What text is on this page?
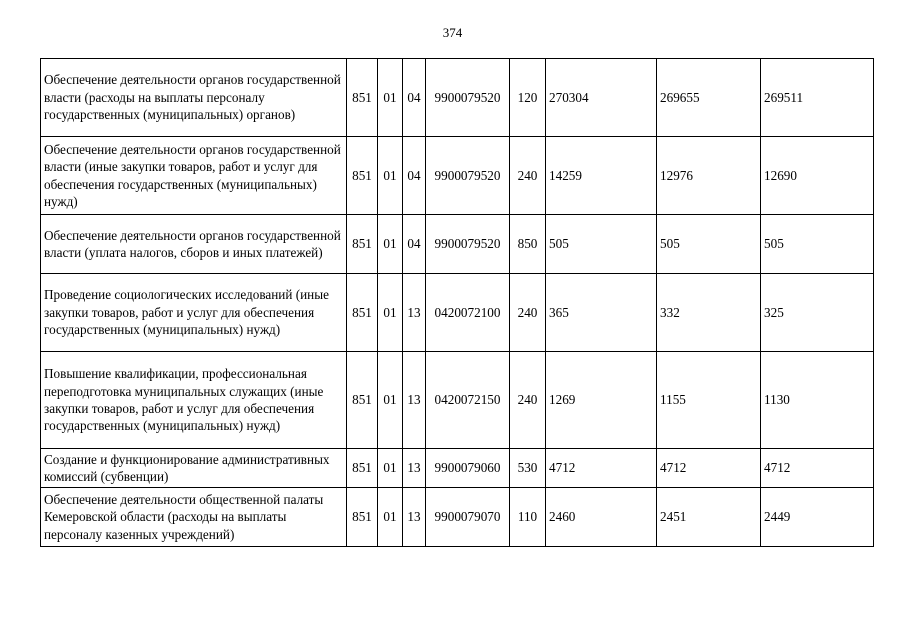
374
Обеспечение деятельности органов государственной власти (расходы на выплаты персоналу государственных (муниципальных) органов)	851	01	04	9900079520	120	270304	269655	269511
Обеспечение деятельности органов государственной власти (иные закупки товаров, работ и услуг для обеспечения государственных (муниципальных) нужд)	851	01	04	9900079520	240	14259	12976	12690
Обеспечение деятельности органов государственной власти (уплата налогов, сборов и иных платежей)	851	01	04	9900079520	850	505	505	505
Проведение социологических исследований (иные закупки товаров, работ и услуг для обеспечения государственных (муниципальных) нужд)	851	01	13	0420072100	240	365	332	325
Повышение квалификации, профессиональная переподготовка муниципальных служащих (иные закупки товаров, работ и услуг для обеспечения государственных (муниципальных) нужд)	851	01	13	0420072150	240	1269	1155	1130
Создание и функционирование административных комиссий (субвенции)	851	01	13	9900079060	530	4712	4712	4712
Обеспечение деятельности общественной палаты Кемеровской области (расходы на выплаты персоналу казенных учреждений)	851	01	13	9900079070	110	2460	2451	2449
